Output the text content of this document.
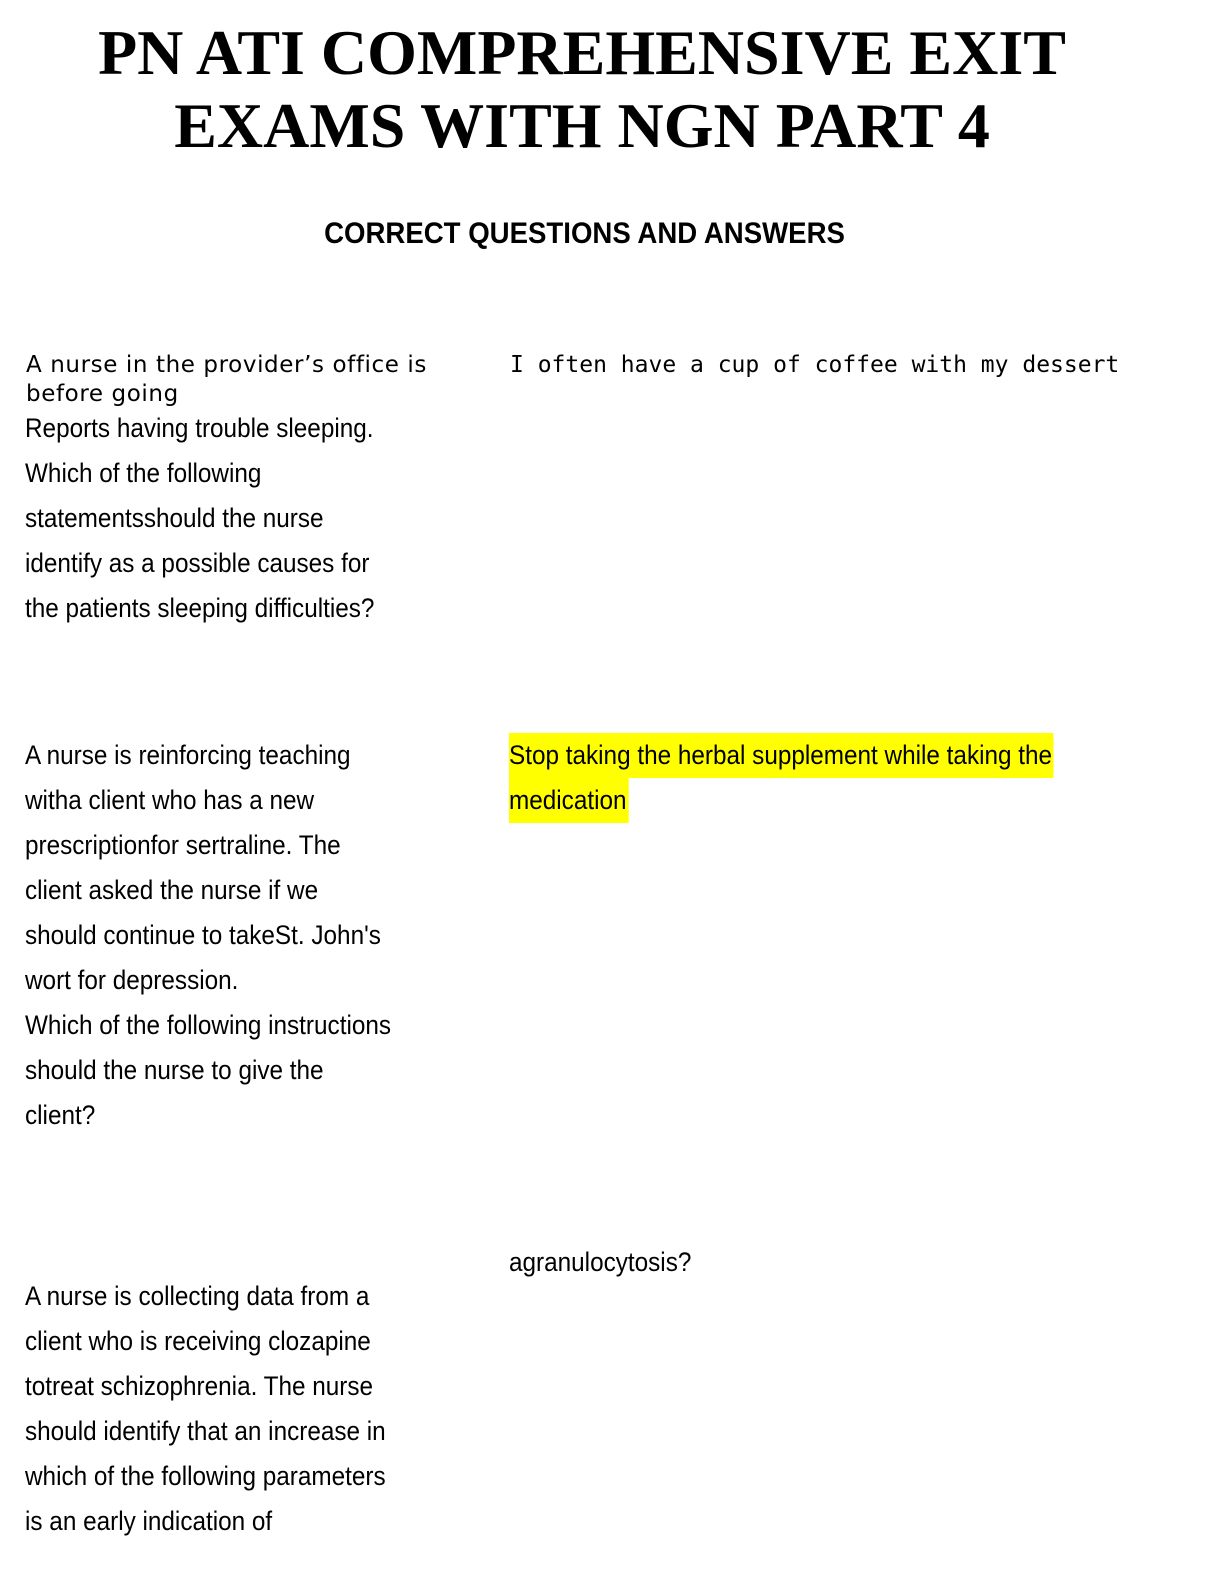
PN ATI COMPREHENSIVE EXIT
EXAMS WITH NGN PART 4
CORRECT QUESTIONS AND ANSWERS
A nurse in the provider’s office is
before going
Reports having trouble sleeping.
Which of the following
statementsshould the nurse
identify as a possible causes for
the patients sleeping difficulties?
I often have a cup of coffee with my dessert
A nurse is reinforcing teaching
witha client who has a new
prescriptionfor sertraline. The
client asked the nurse if we
should continue to takeSt. John's
wort for depression.
Which of the following instructions
should the nurse to give the
client?
Stop taking the herbal supplement while taking the
medication
agranulocytosis?
A nurse is collecting data from a
client who is receiving clozapine
totreat schizophrenia. The nurse
should identify that an increase in
which of the following parameters
is an early indication of
